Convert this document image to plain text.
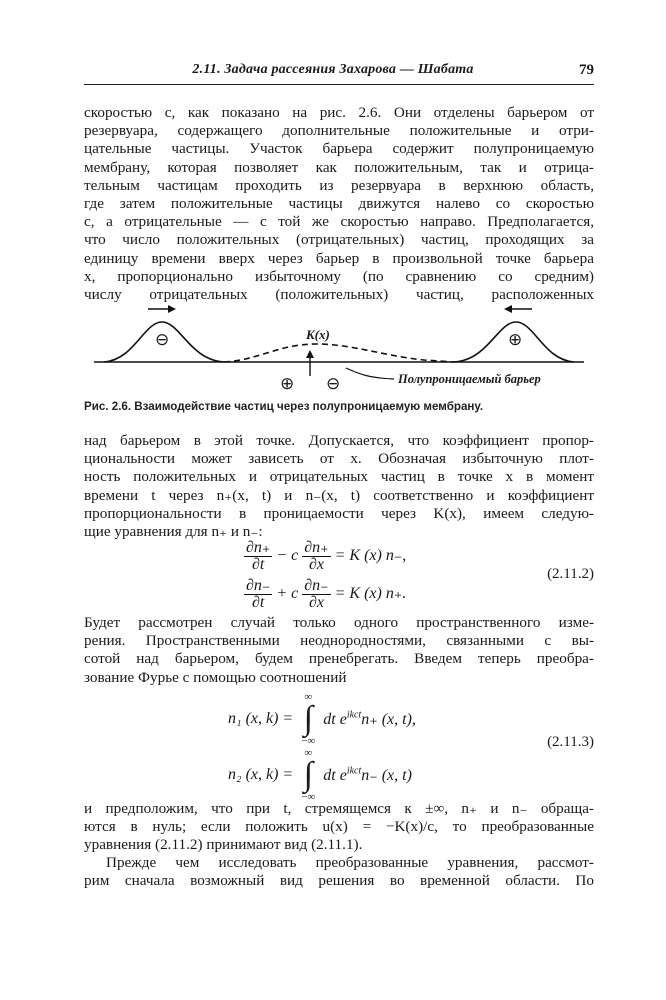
2.11. Задача рассеяния Захарова — Шабата	79
скоростью c, как показано на рис. 2.6. Они отделены барьером от
резервуара, содержащего дополнительные положительные и отри-
цательные частицы. Участок барьера содержит полупроницаемую
мембрану, которая позволяет как положительным, так и отрица-
тельным частицам проходить из резервуара в верхнюю область,
где затем положительные частицы движутся налево со скоростью
c, а отрицательные — с той же скоростью направо. Предполагается,
что число положительных (отрицательных) частиц, проходящих за
единицу времени вверх через барьер в произвольной точке барьера
x, пропорционально избыточному (по сравнению со средним)
числу отрицательных (положительных) частиц, расположенных
⊖	⊕
K(x)
⊕ ⊖	Полупроницаемый барьер
Рис. 2.6. Взаимодействие частиц через полупроницаемую мембрану.
над барьером в этой точке. Допускается, что коэффициент пропор-
циональности может зависеть от x. Обозначая избыточную плот-
ность положительных и отрицательных частиц в точке x в момент
времени t через n₊(x, t) и n₋(x, t) соответственно и коэффициент
пропорциональности в проницаемости через K(x), имеем следую-
щие уравнения для n₊ и n₋:
$\frac{\partial n_+}{\partial t} - c \frac{\partial n_+}{\partial x} = K$ (x) n₋,
$\frac{\partial n_-}{\partial t} + c \frac{\partial n_-}{\partial x} = K$ (x) n₊.
(2.11.2)
Будет рассмотрен случай только одного пространственного изме-
рения. Пространственными неоднородностями, связанными с вы-
сотой над барьером, будем пренебрегать. Введем теперь преобра-
зование Фурье с помощью соотношений
n₁ (x, k) =
∞
∫
−∞
dt $e^{ikct}n_+$ (x, t),
n₂ (x, k) =
∞
∫
−∞
dt $e^{ikct}n_-$ (x, t)
(2.11.3)
и предположим, что при t, стремящемся к ±∞, n₊ и n₋ обраща-
ются в нуль; если положить u(x) = −K(x)/c, то преобразованные
уравнения (2.11.2) принимают вид (2.11.1).
Прежде чем исследовать преобразованные уравнения, рассмот-
рим сначала возможный вид решения во временной области. По
